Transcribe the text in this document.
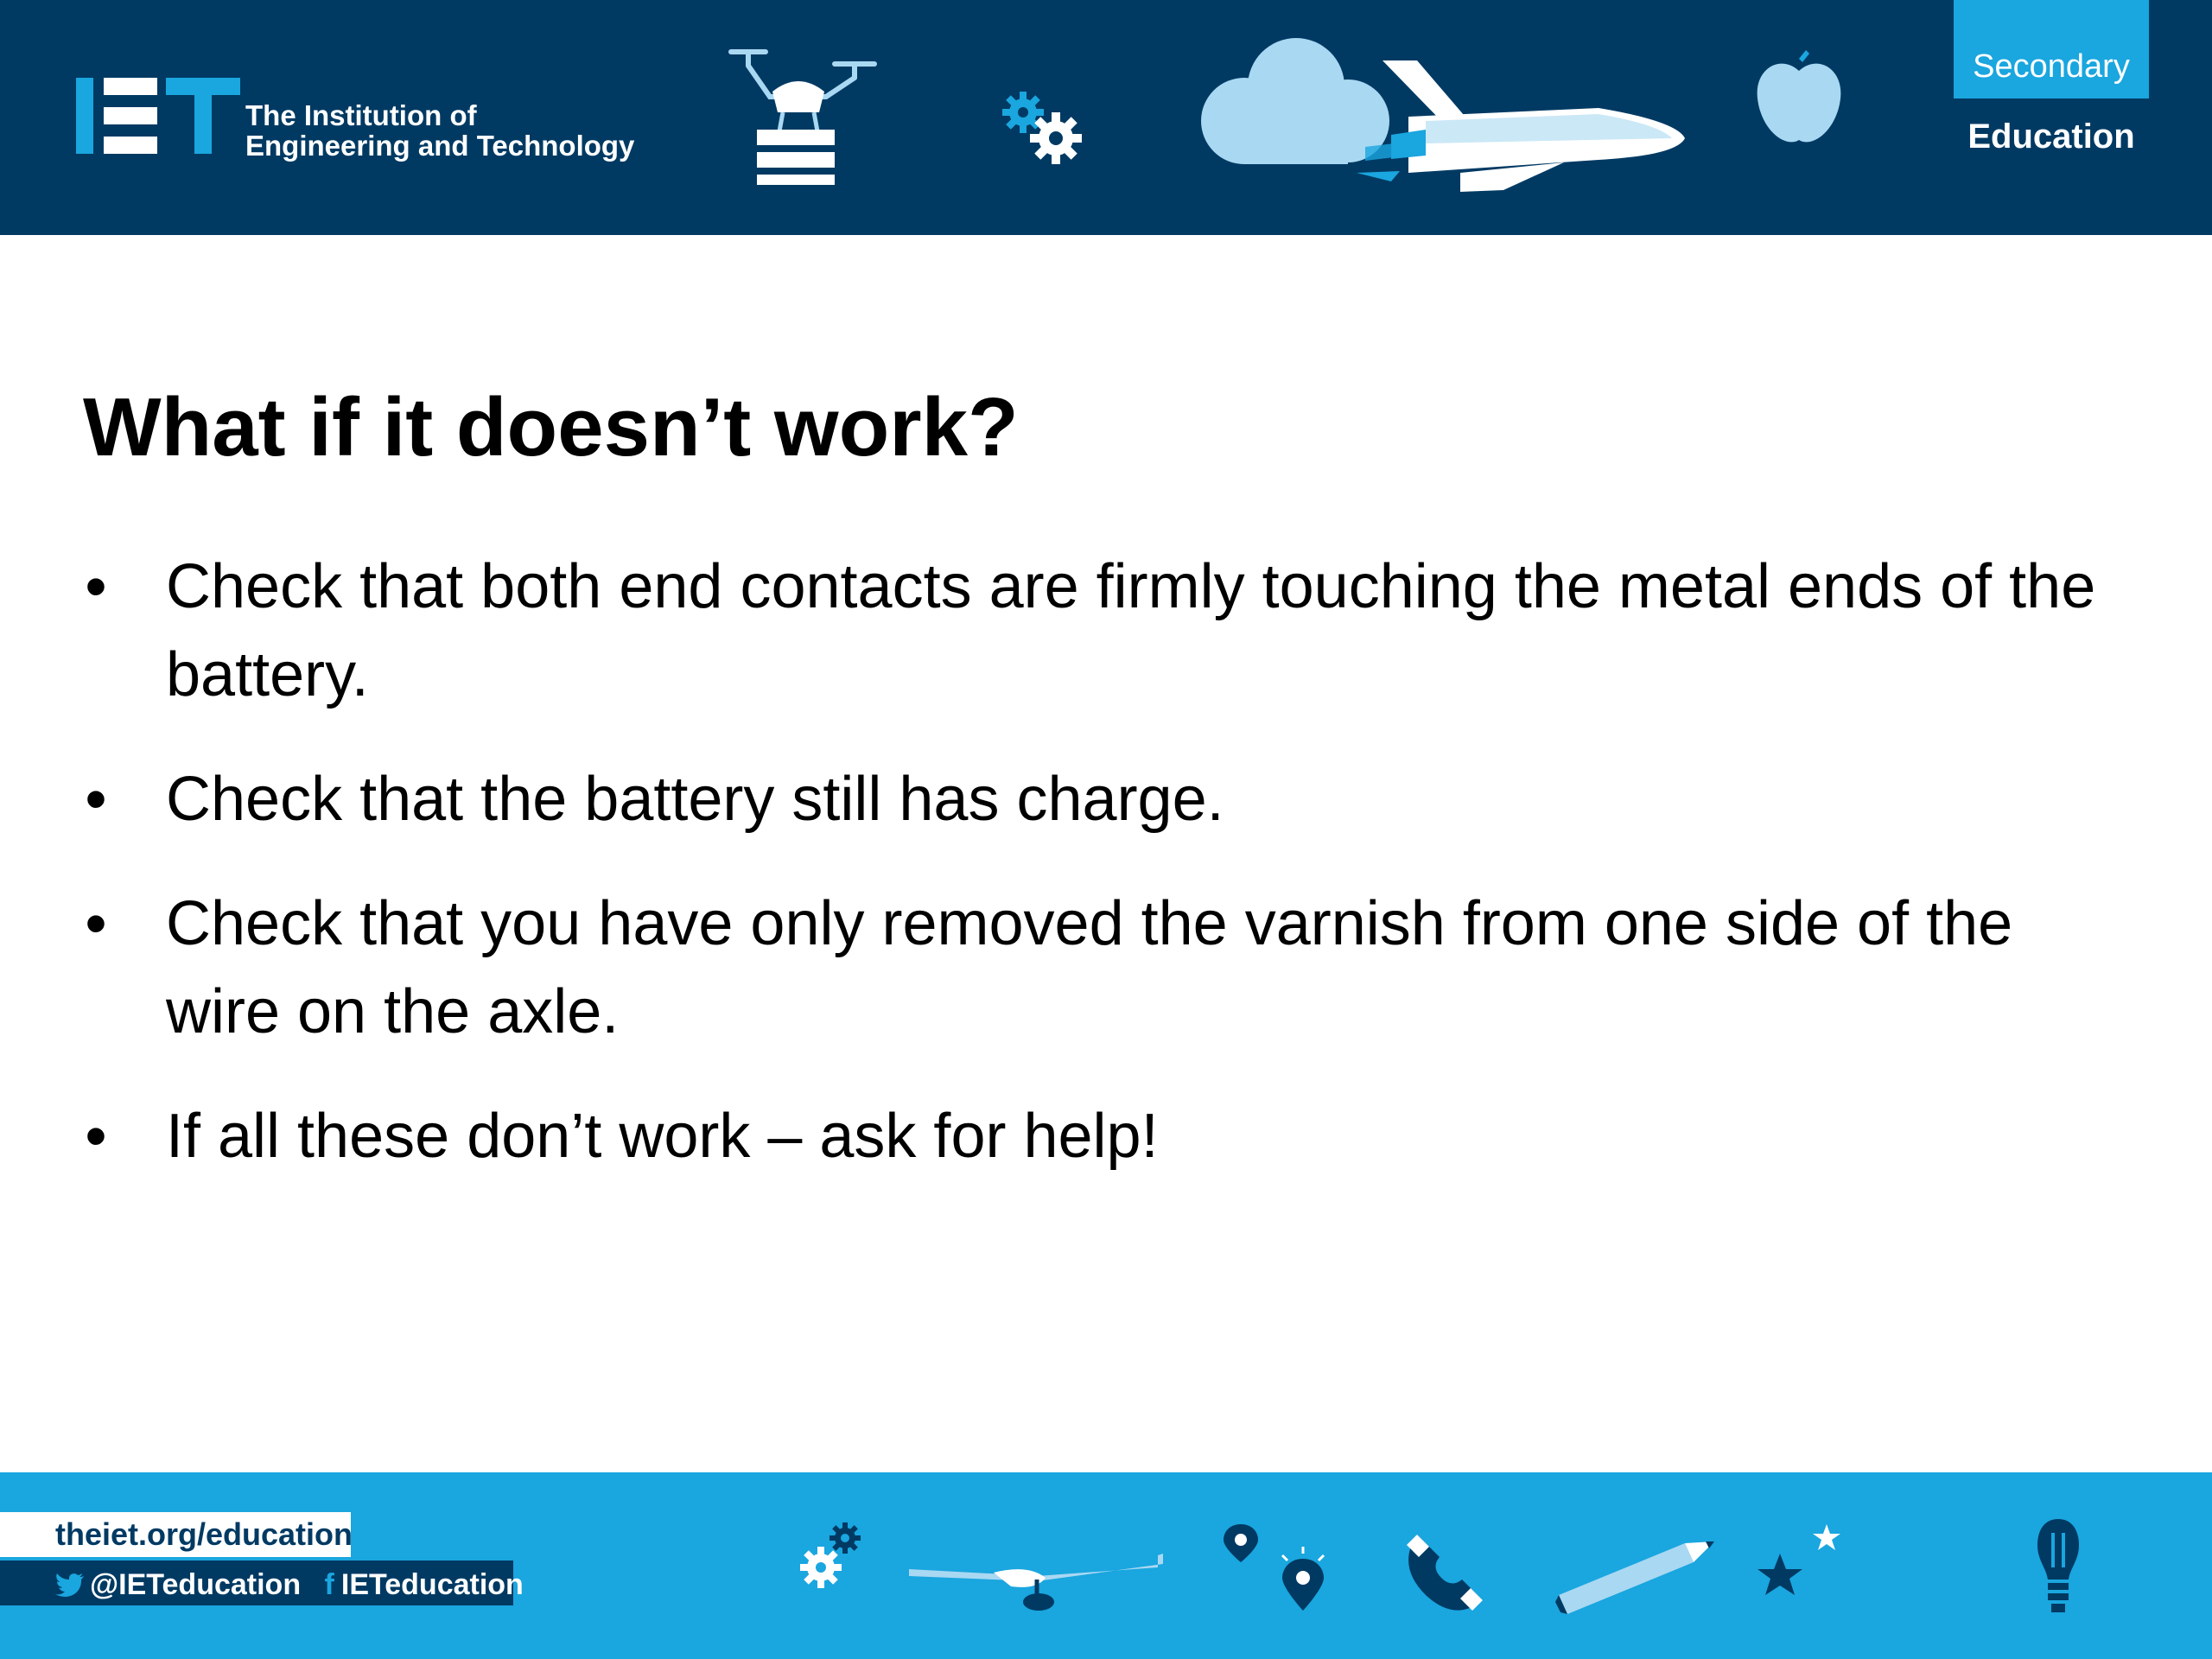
The Institution of
Engineering and Technology
Secondary
Education
What if it doesn’t work?
• Check that both end contacts are firmly touching the metal ends of the battery.
• Check that the battery still has charge.
• Check that you have only removed the varnish from one side of the wire on the axle.
• If all these don’t work – ask for help!
theiet.org/education
@IETeducation f IETeducation
